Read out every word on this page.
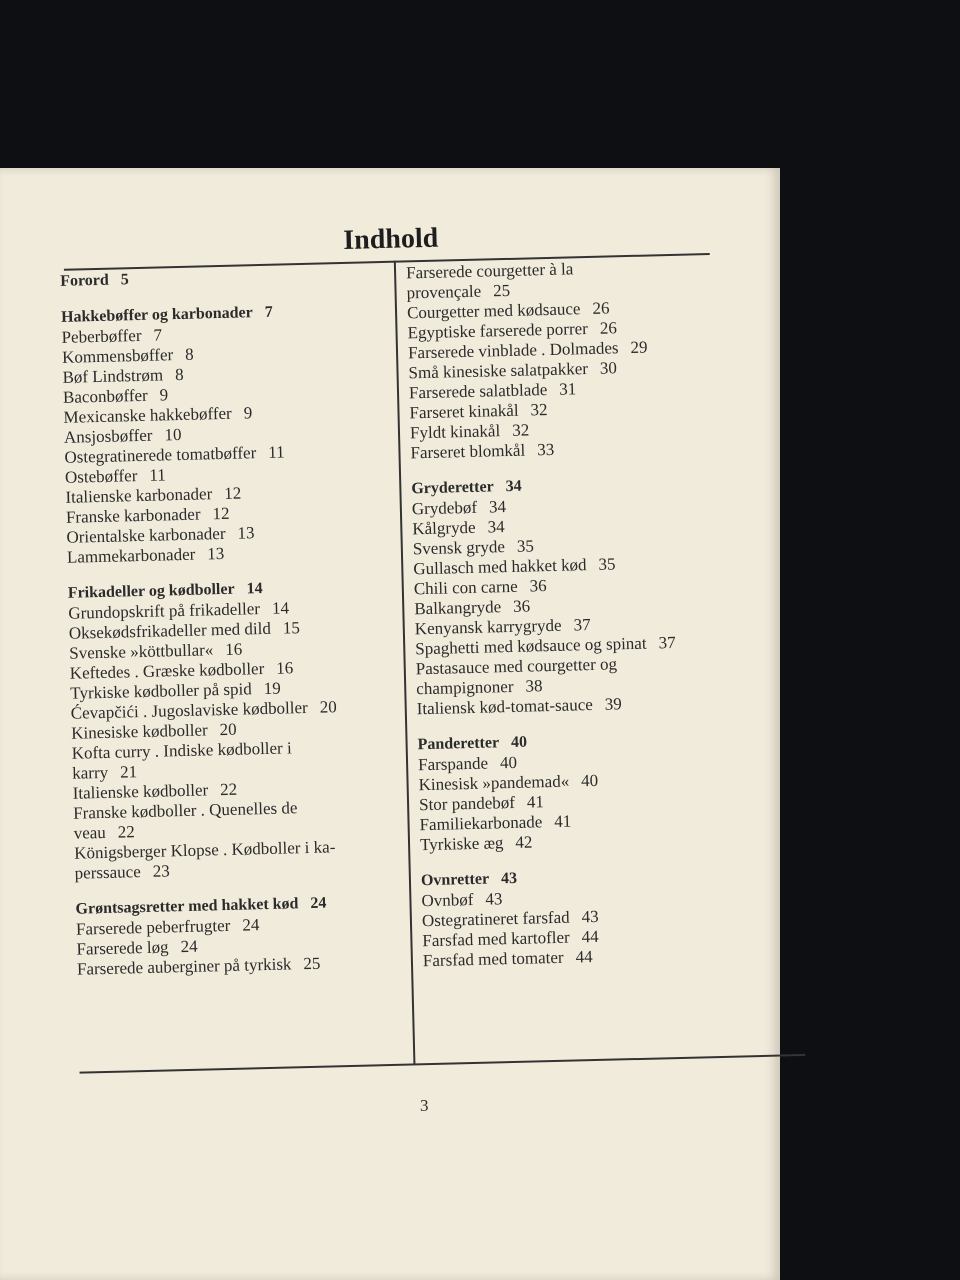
Indhold
Forord 5
Hakkebøffer og karbonader 7
Peberbøffer 7
Kommensbøffer 8
Bøf Lindstrøm 8
Baconbøffer 9
Mexicanske hakkebøffer 9
Ansjosbøffer 10
Ostegratinerede tomatbøffer 11
Ostebøffer 11
Italienske karbonader 12
Franske karbonader 12
Orientalske karbonader 13
Lammekarbonader 13
Frikadeller og kødboller 14
Grundopskrift på frikadeller 14
Oksekødsfrikadeller med dild 15
Svenske »köttbullar« 16
Keftedes . Græske kødboller 16
Tyrkiske kødboller på spid 19
Ćevapčići . Jugoslaviske kødboller 20
Kinesiske kødboller 20
Kofta curry . Indiske kødboller i
karry 21
Italienske kødboller 22
Franske kødboller . Quenelles de
veau 22
Königsberger Klopse . Kødboller i ka-
perssauce 23
Grøntsagsretter med hakket kød 24
Farserede peberfrugter 24
Farserede løg 24
Farserede auberginer på tyrkisk 25
Farserede courgetter à la
provençale 25
Courgetter med kødsauce 26
Egyptiske farserede porrer 26
Farserede vinblade . Dolmades 29
Små kinesiske salatpakker 30
Farserede salatblade 31
Farseret kinakål 32
Fyldt kinakål 32
Farseret blomkål 33
Gryderetter 34
Grydebøf 34
Kålgryde 34
Svensk gryde 35
Gullasch med hakket kød 35
Chili con carne 36
Balkangryde 36
Kenyansk karrygryde 37
Spaghetti med kødsauce og spinat 37
Pastasauce med courgetter og
champignoner 38
Italiensk kød-tomat-sauce 39
Panderetter 40
Farspande 40
Kinesisk »pandemad« 40
Stor pandebøf 41
Familiekarbonade 41
Tyrkiske æg 42
Ovnretter 43
Ovnbøf 43
Ostegratineret farsfad 43
Farsfad med kartofler 44
Farsfad med tomater 44
3
